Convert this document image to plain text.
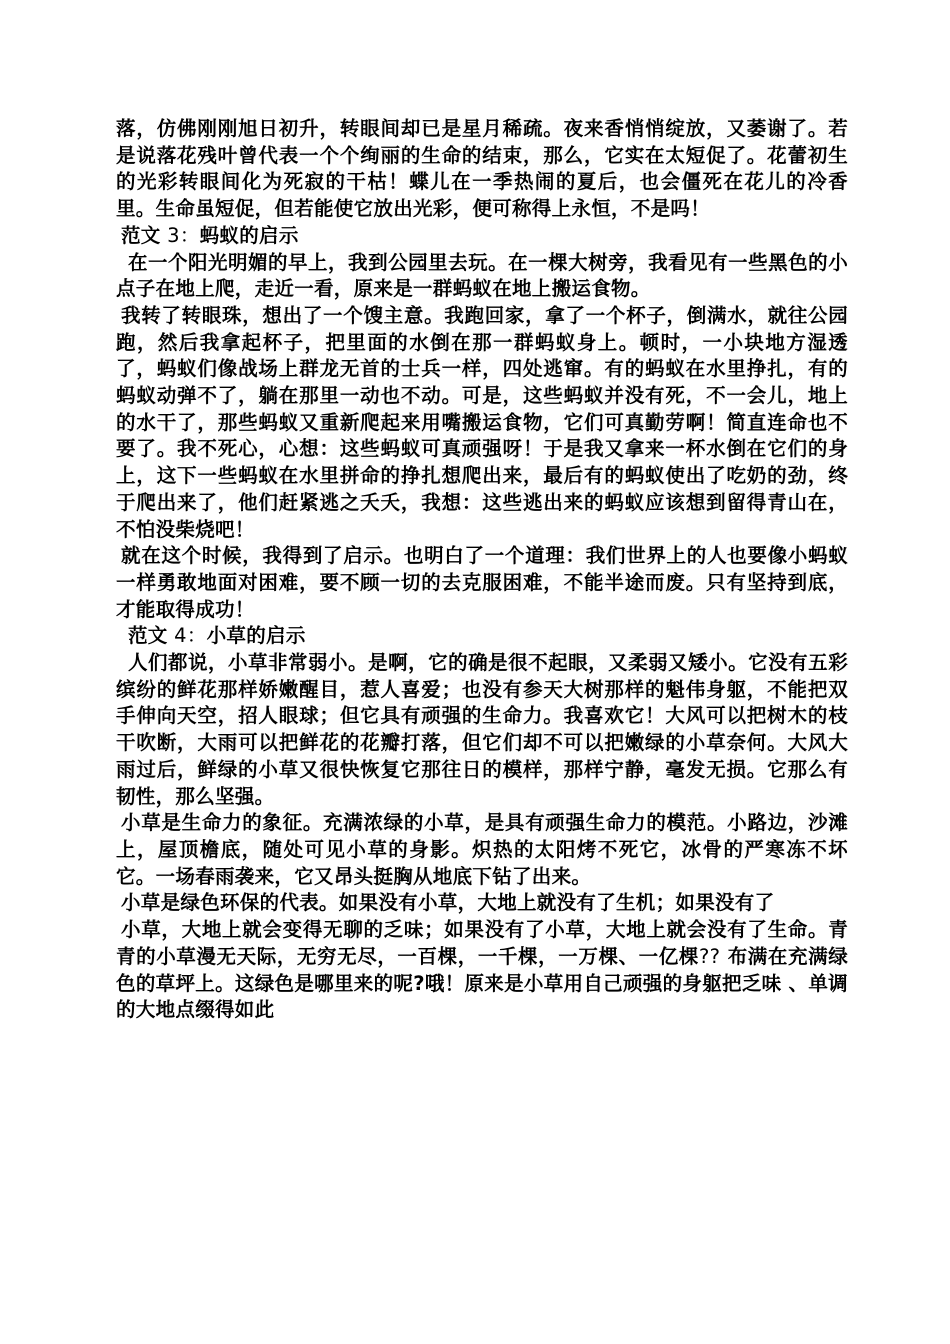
落，仿佛刚刚旭日初升，转眼间却已是星月稀疏。夜来香悄悄绽放，又萎谢了。若是说落花残叶曾代表一个个绚丽的生命的结束，那么，它实在太短促了。花蕾初生的光彩转眼间化为死寂的干枯！蝶儿在一季热闹的夏后，也会僵死在花儿的冷香里。生命虽短促，但若能使它放出光彩，便可称得上永恒，不是吗！

范文 3：蚂蚁的启示

在一个阳光明媚的早上，我到公园里去玩。在一棵大树旁，我看见有一些黑色的小点子在地上爬，走近一看，原来是一群蚂蚁在地上搬运食物。

我转了转眼珠，想出了一个馊主意。我跑回家，拿了一个杯子，倒满水，就往公园跑，然后我拿起杯子，把里面的水倒在那一群蚂蚁身上。顿时，一小块地方湿透了，蚂蚁们像战场上群龙无首的士兵一样，四处逃窜。有的蚂蚁在水里挣扎，有的蚂蚁动弹不了，躺在那里一动也不动。可是，这些蚂蚁并没有死，不一会儿，地上的水干了，那些蚂蚁又重新爬起来用嘴搬运食物，它们可真勤劳啊！简直连命也不要了。我不死心，心想：这些蚂蚁可真顽强呀！于是我又拿来一杯水倒在它们的身上，这下一些蚂蚁在水里拼命的挣扎想爬出来，最后有的蚂蚁使出了吃奶的劲，终于爬出来了，他们赶紧逃之夭夭，我想：这些逃出来的蚂蚁应该想到留得青山在，不怕没柴烧吧！

就在这个时候，我得到了启示。也明白了一个道理：我们世界上的人也要像小蚂蚁一样勇敢地面对困难，要不顾一切的去克服困难，不能半途而废。只有坚持到底，才能取得成功！

范文 4：小草的启示

人们都说，小草非常弱小。是啊，它的确是很不起眼，又柔弱又矮小。它没有五彩缤纷的鲜花那样娇嫩醒目，惹人喜爱；也没有参天大树那样的魁伟身躯，不能把双手伸向天空，招人眼球；但它具有顽强的生命力。我喜欢它！大风可以把树木的枝干吹断，大雨可以把鲜花的花瓣打落，但它们却不可以把嫩绿的小草奈何。大风大雨过后，鲜绿的小草又很快恢复它那往日的模样，那样宁静，毫发无损。它那么有韧性，那么坚强。

小草是生命力的象征。充满浓绿的小草，是具有顽强生命力的模范。小路边，沙滩上，屋顶檐底，随处可见小草的身影。炽热的太阳烤不死它，冰骨的严寒冻不坏它。一场春雨袭来，它又昂头挺胸从地底下钻了出来。

小草是绿色环保的代表。如果没有小草，大地上就没有了生机；如果没有了

小草，大地上就会变得无聊的乏味；如果没有了小草，大地上就会没有了生命。青青的小草漫无天际，无穷无尽，一百棵，一千棵，一万棵、一亿棵?? 布满在充满绿色的草坪上。这绿色是哪里来的呢?哦！原来是小草用自己顽强的身躯把乏味 、单调的大地点缀得如此
